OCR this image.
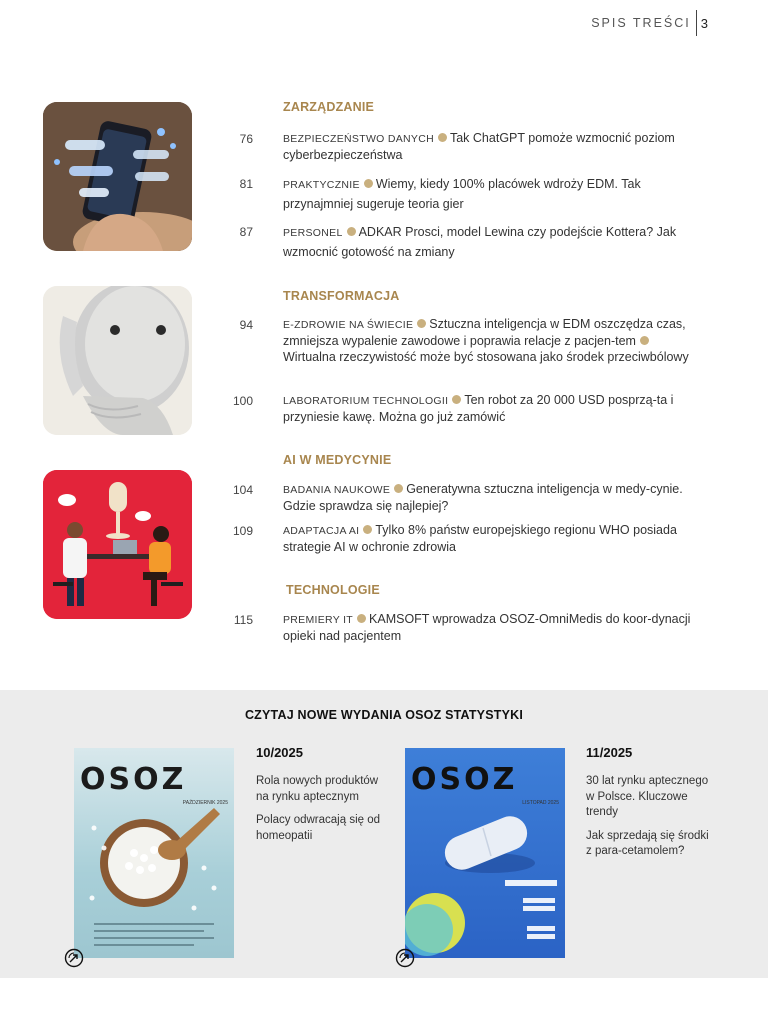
SPIS TREŚCI 3
ZARZĄDZANIE
76	BEZPIECZEŃSTWO DANYCH Tak ChatGPT pomoże wzmocnić poziom cyberbezpieczeństwa
81	PRAKTYCZNIE Wiemy, kiedy 100% placówek wdroży EDM. Tak przynajmniej sugeruje teoria gier
87	PERSONEL ADKAR Prosci, model Lewina czy podejście Kottera? Jak wzmocnić gotowość na zmiany
TRANSFORMACJA
94	E-ZDROWIE NA ŚWIECIE Sztuczna inteligencja w EDM oszczędza czas, zmniejsza wypalenie zawodowe i poprawia relacje z pacjen-temWirtualna rzeczywistość może być stosowana jako środek przeciwbólowy
100	LABORATORIUM TECHNOLOGII Ten robot za 20 000 USD posprzą-ta i przyniesie kawę. Można go już zamówić
AI W MEDYCYNIE
104	BADANIA NAUKOWE Generatywna sztuczna inteligencja w medy-cynie. Gdzie sprawdza się najlepiej?
109	ADAPTACJA AI Tylko 8% państw europejskiego regionu WHO posiada strategie AI w ochronie zdrowia
TECHNOLOGIE
115	PREMIERY IT KAMSOFT wprowadza OSOZ-OmniMedis do koor-dynacji opieki nad pacjentem
CZYTAJ NOWE WYDANIA OSOZ STATYSTYKI
OSOZ
PAŹDZIERNIK 2025
10/2025
Rola nowych produktów na rynku aptecznym
Polacy odwracają się od homeopatii
OSOZ
LISTOPAD 2025
11/2025
30 lat rynku aptecznego w Polsce. Kluczowe trendy
Jak sprzedają się środki z para-cetamolem?
